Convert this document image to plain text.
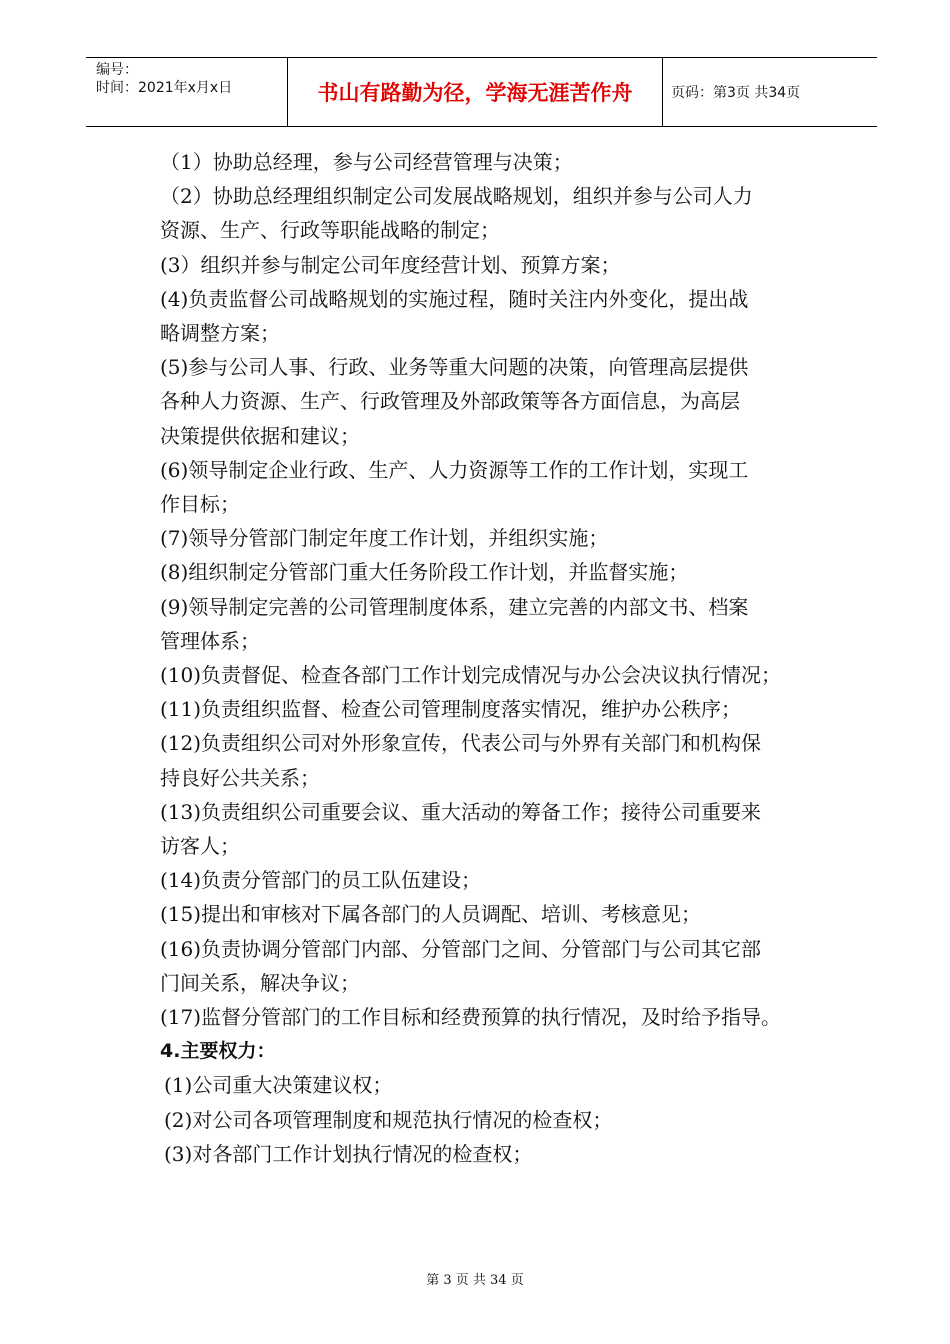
编号：
时间：2021年x月x日	书山有路勤为径，学海无涯苦作舟	页码：第3页 共34页

（1）协助总经理，参与公司经营管理与决策；

（2）协助总经理组织制定公司发展战略规划，组织并参与公司人力

资源、生产、行政等职能战略的制定；

(3）组织并参与制定公司年度经营计划、预算方案；

(4)负责监督公司战略规划的实施过程，随时关注内外变化，提出战

略调整方案；

(5)参与公司人事、行政、业务等重大问题的决策，向管理高层提供

各种人力资源、生产、行政管理及外部政策等各方面信息，为高层

决策提供依据和建议；

(6)领导制定企业行政、生产、人力资源等工作的工作计划，实现工

作目标；

(7)领导分管部门制定年度工作计划，并组织实施；

(8)组织制定分管部门重大任务阶段工作计划，并监督实施；

(9)领导制定完善的公司管理制度体系，建立完善的内部文书、档案

管理体系；

(10)负责督促、检查各部门工作计划完成情况与办公会决议执行情况；

(11)负责组织监督、检查公司管理制度落实情况，维护办公秩序；

(12)负责组织公司对外形象宣传，代表公司与外界有关部门和机构保

持良好公共关系；

(13)负责组织公司重要会议、重大活动的筹备工作；接待公司重要来

访客人；

(14)负责分管部门的员工队伍建设；

(15)提出和审核对下属各部门的人员调配、培训、考核意见；

(16)负责协调分管部门内部、分管部门之间、分管部门与公司其它部

门间关系，解决争议；

(17)监督分管部门的工作目标和经费预算的执行情况，及时给予指导。

4.主要权力：

(1)公司重大决策建议权；

(2)对公司各项管理制度和规范执行情况的检查权；

(3)对各部门工作计划执行情况的检查权；

第 3 页 共 34 页
